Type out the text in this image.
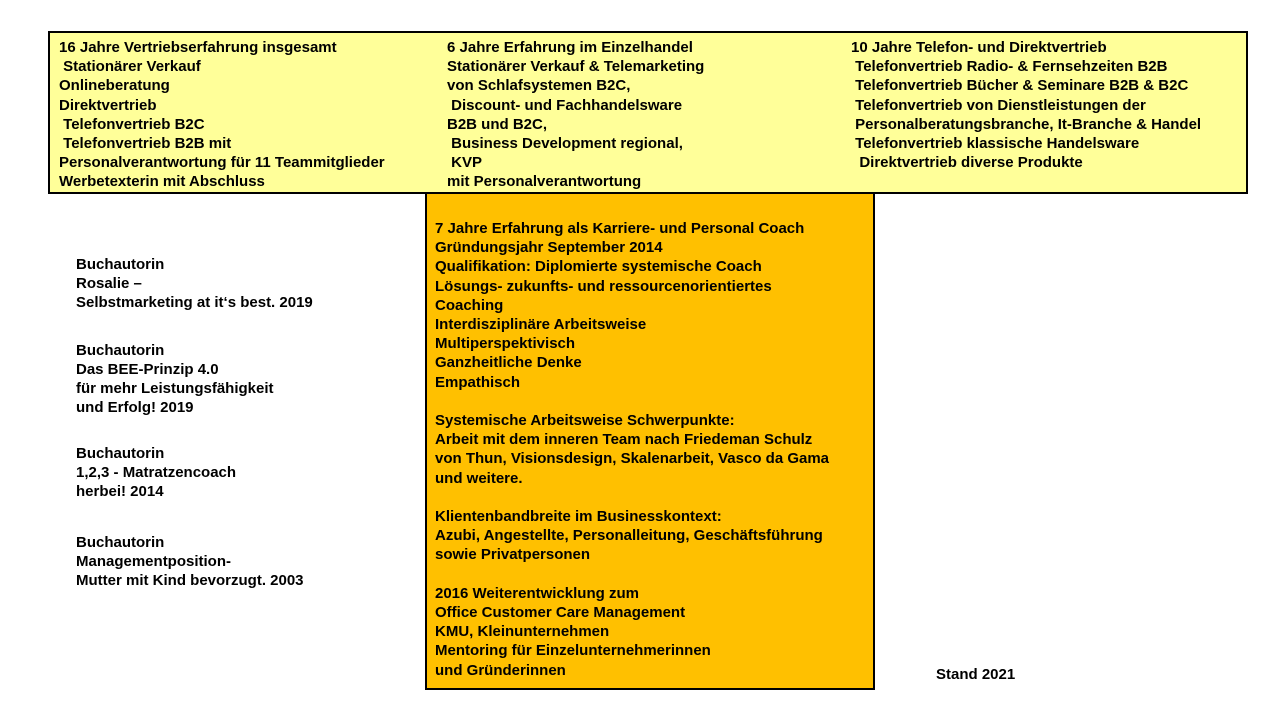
16 Jahre Vertriebserfahrung insgesamt
Stationärer Verkauf
Onlineberatung
Direktvertrieb
Telefonvertrieb B2C
Telefonvertrieb B2B mit
Personalverantwortung für 11 Teammitglieder
Werbetexterin mit Abschluss
6 Jahre Erfahrung im Einzelhandel
Stationärer Verkauf & Telemarketing
von Schlafsystemen B2C,
Discount- und Fachhandelsware
B2B und B2C,
Business Development regional,
KVP
mit Personalverantwortung
10 Jahre Telefon- und Direktvertrieb
Telefonvertrieb Radio- & Fernsehzeiten B2B
Telefonvertrieb Bücher & Seminare B2B & B2C
Telefonvertrieb von Dienstleistungen der
Personalberatungsbranche, It-Branche & Handel
Telefonvertrieb klassische Handelsware
Direktvertrieb diverse Produkte
7 Jahre Erfahrung als Karriere- und Personal Coach
Gründungsjahr September 2014
Qualifikation: Diplomierte systemische Coach
Lösungs- zukunfts- und ressourcenorientiertes
Coaching
Interdisziplinäre Arbeitsweise
Multiperspektivisch
Ganzheitliche Denke
Empathisch
Systemische Arbeitsweise Schwerpunkte:
Arbeit mit dem inneren Team nach Friedeman Schulz
von Thun, Visionsdesign, Skalenarbeit, Vasco da Gama
und weitere.
Klientenbandbreite im Businesskontext:
Azubi, Angestellte, Personalleitung, Geschäftsführung
sowie Privatpersonen
2016 Weiterentwicklung zum
Office Customer Care Management
KMU, Kleinunternehmen
Mentoring für Einzelunternehmerinnen
und Gründerinnen
Buchautorin
Rosalie –
Selbstmarketing at it‘s best. 2019
Buchautorin
Das BEE-Prinzip 4.0
für mehr Leistungsfähigkeit
und Erfolg! 2019
Buchautorin
1,2,3 - Matratzencoach
herbei! 2014
Buchautorin
Managementposition-
Mutter mit Kind bevorzugt. 2003
Stand 2021
